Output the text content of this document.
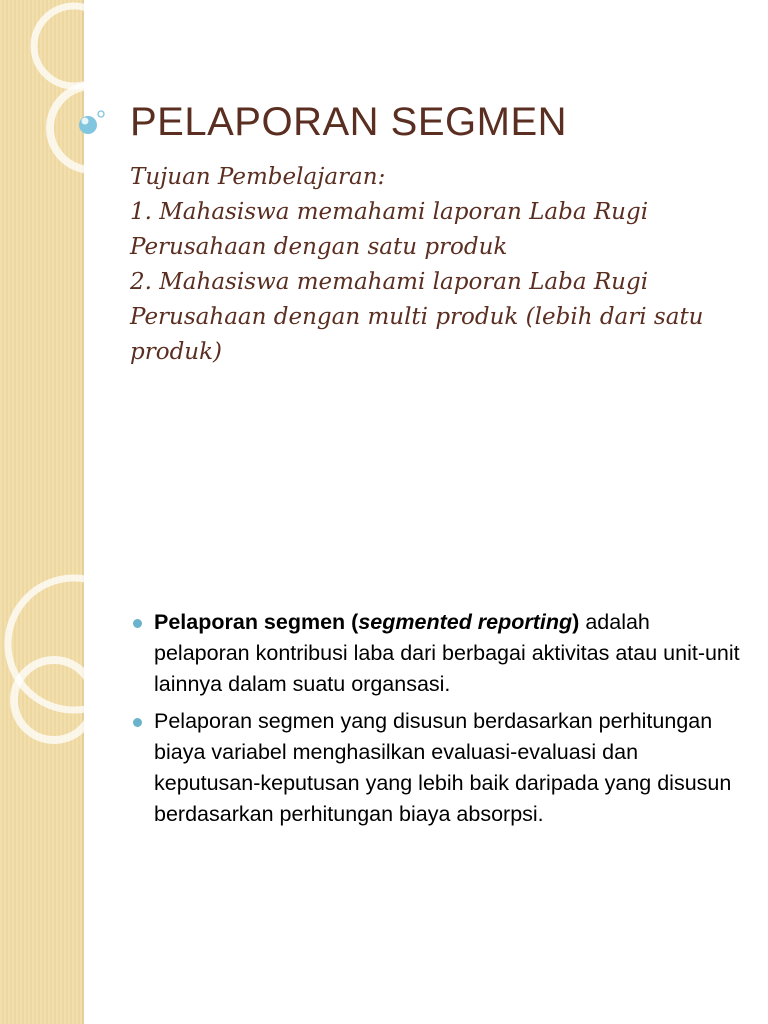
PELAPORAN SEGMEN

Tujuan Pembelajaran:

1. Mahasiswa memahami laporan Laba Rugi Perusahaan dengan satu produk

2. Mahasiswa memahami laporan Laba Rugi Perusahaan dengan multi produk (lebih dari satu produk)

Pelaporan segmen (segmented reporting) adalah pelaporan kontribusi laba dari berbagai aktivitas atau unit-unit lainnya dalam suatu organsasi.
Pelaporan segmen yang disusun berdasarkan perhitungan biaya variabel menghasilkan evaluasi-evaluasi dan keputusan-keputusan yang lebih baik daripada yang disusun berdasarkan perhitungan biaya absorpsi.
